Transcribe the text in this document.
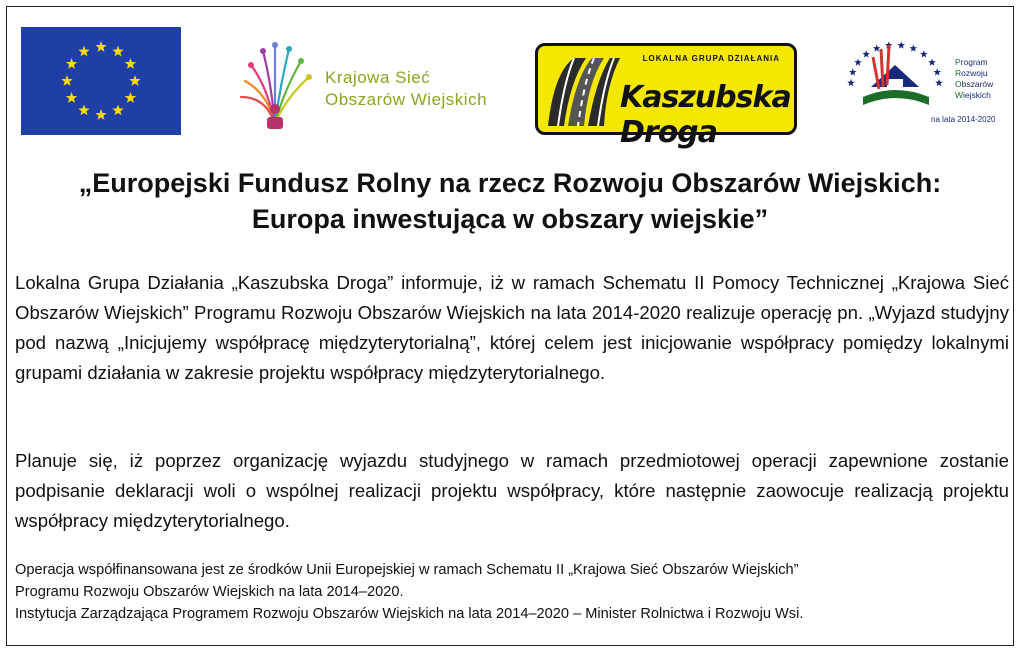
Krajowa Sieć
Obszarów Wiejskich
LOKALNA GRUPA DZIAŁANIA
Kaszubska Droga
Program
Rozwoju
Obszarów
Wiejskich
na lata 2014-2020
„Europejski Fundusz Rolny na rzecz Rozwoju Obszarów Wiejskich:
Europa inwestująca w obszary wiejskie”
Lokalna Grupa Działania „Kaszubska Droga” informuje, iż w ramach Schematu II Pomocy Technicznej „Krajowa Sieć Obszarów Wiejskich” Programu Rozwoju Obszarów Wiejskich na lata 2014-2020 realizuje operację pn. „Wyjazd studyjny pod nazwą „Inicjujemy współpracę międzyterytorialną”, której celem jest inicjowanie współpracy pomiędzy lokalnymi grupami działania w zakresie projektu współpracy międzyterytorialnego.
Planuje się, iż poprzez organizację wyjazdu studyjnego w ramach przedmiotowej operacji zapewnione zostanie podpisanie deklaracji woli o wspólnej realizacji projektu współpracy, które następnie zaowocuje realizacją projektu współpracy międzyterytorialnego.
Operacja współfinansowana jest ze środków Unii Europejskiej w ramach Schematu II „Krajowa Sieć Obszarów Wiejskich”
Programu Rozwoju Obszarów Wiejskich na lata 2014–2020.
Instytucja Zarządzająca Programem Rozwoju Obszarów Wiejskich na lata 2014–2020 – Minister Rolnictwa i Rozwoju Wsi.
